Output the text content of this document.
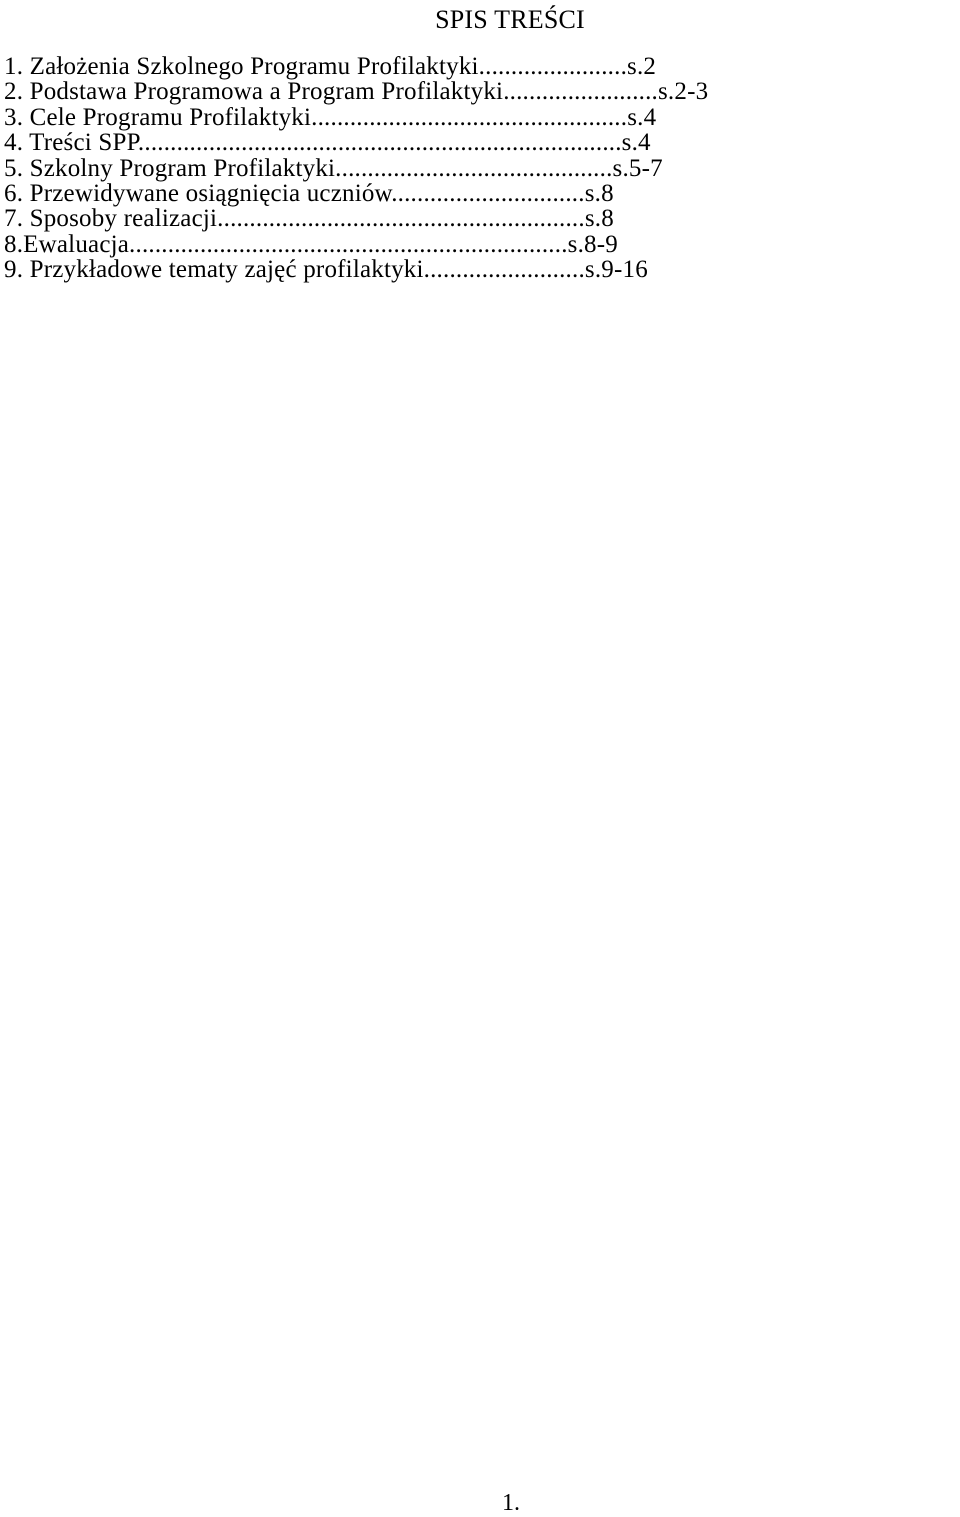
SPIS TREŚCI
1. Założenia Szkolnego Programu Profilaktyki.......................s.2
2. Podstawa Programowa a Program Profilaktyki........................s.2-3
3. Cele Programu Profilaktyki.................................................s.4
4. Treści SPP...........................................................................s.4
5. Szkolny Program Profilaktyki...........................................s.5-7
6. Przewidywane osiągnięcia uczniów..............................s.8
7. Sposoby realizacji.........................................................s.8
8.Ewaluacja....................................................................s.8-9
9. Przykładowe tematy zajęć profilaktyki.........................s.9-16
1.
